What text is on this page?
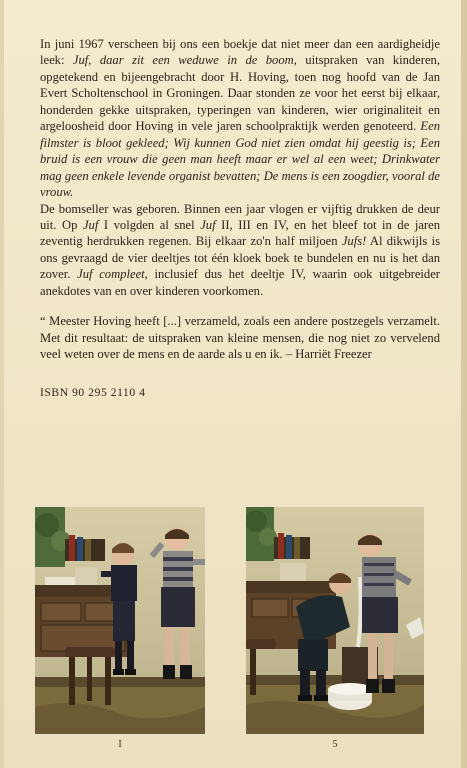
In juni 1967 verscheen bij ons een boekje dat niet meer dan een aardigheidje leek: Juf, daar zit een weduwe in de boom, uitspraken van kinderen, opgetekend en bijeengebracht door H. Hoving, toen nog hoofd van de Jan Evert Scholtenschool in Groningen. Daar stonden ze voor het eerst bij elkaar, honderden gekke uitspraken, typeringen van kinderen, wier originaliteit en argeloosheid door Hoving in vele jaren schoolpraktijk werden genoteerd. Een filmster is bloot gekleed; Wij kunnen God niet zien omdat hij geestig is; Een bruid is een vrouw die geen man heeft maar er wel al een weet; Drinkwater mag geen enkele levende organist bevatten; De mens is een zoogdier, vooral de vrouw.

De bomseller was geboren. Binnen een jaar vlogen er vijftig drukken de deur uit. Op Juf I volgden al snel Juf II, III en IV, en het bleef tot in de jaren zeventig herdrukken regenen. Bij elkaar zo'n half miljoen Jufs! Al dikwijls is ons gevraagd de vier deeltjes tot één kloek boek te bundelen en nu is het dan zover. Juf compleet, inclusief dus het deeltje IV, waarin ook uitgebreider anekdotes van en over kinderen voorkomen.

“ Meester Hoving heeft [...] verzameld, zoals een andere postzegels verzamelt. Met dit resultaat: de uitspraken van kleine mensen, die nog niet zo vervelend veel weten over de mens en de aarde als u en ik. – Harriët Freezer

ISBN 90 295 2110 4

I	5
